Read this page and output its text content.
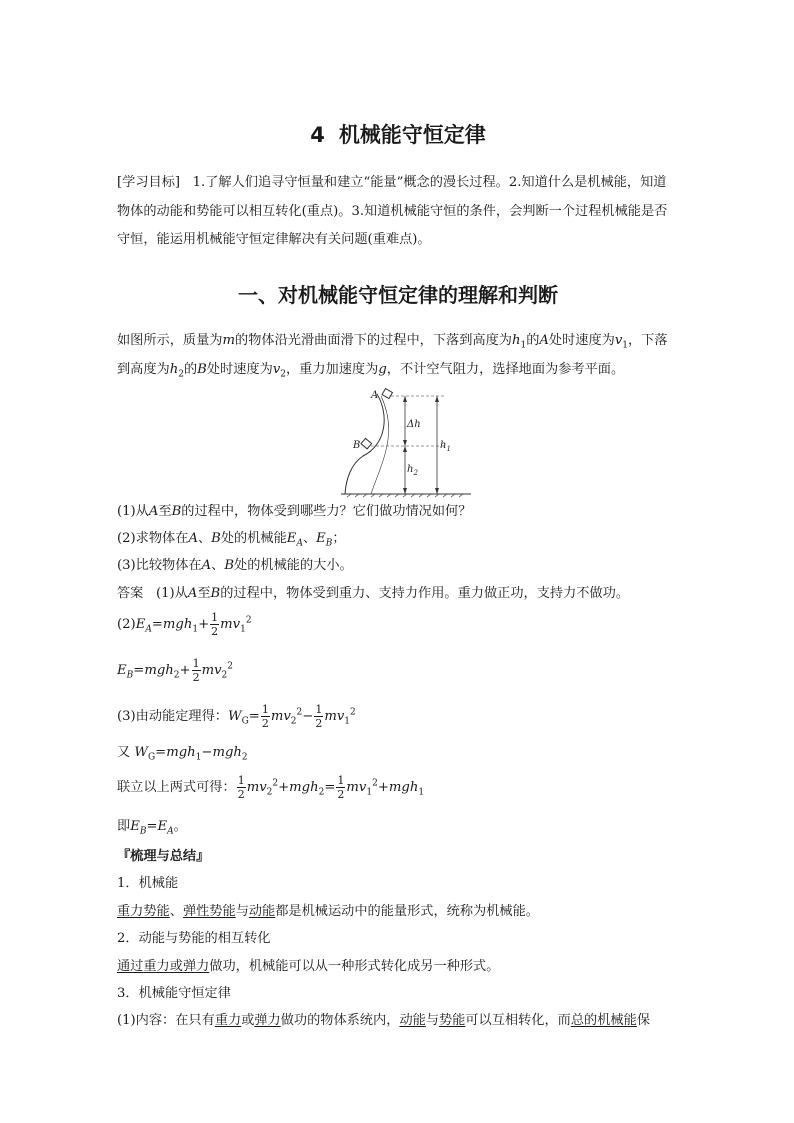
4 机械能守恒定律

[学习目标] 1.了解人们追寻守恒量和建立“能量”概念的漫长过程。2.知道什么是机械能，知道物体的动能和势能可以相互转化(重点)。3.知道机械能守恒的条件，会判断一个过程机械能是否守恒，能运用机械能守恒定律解决有关问题(重难点)。

一、对机械能守恒定律的理解和判断

如图所示，质量为m的物体沿光滑曲面滑下的过程中，下落到高度为$h_1$的A处时速度为$v_1$，下落到高度为$h_2$的B处时速度为$v_2$，重力加速度为g，不计空气阻力，选择地面为参考平面。

A
B
Δh
$h_1$
$h_2$
(1)从A至B的过程中，物体受到哪些力？它们做功情况如何？
(2)求物体在A、B处的机械能$E_A$、$E_B$；
(3)比较物体在A、B处的机械能的大小。
答案 (1)从A至B的过程中，物体受到重力、支持力作用。重力做正功，支持力不做功。
$(2)E_A=mgh_1+ \frac{1}{2} mv_1^2$
$E_B=mgh_2+ \frac{1}{2} mv_2^2$
(3)由动能定理得：$W_G= \frac{1}{2} mv_2^2- \frac{1}{2} mv_1^2$
又 $W_G=mgh_1-mgh_2$
联立以上两式可得： $\frac{1}{2} mv_2^2+mgh_2= \frac{1}{2} mv_1^2+mgh_1$
即$E_B=E_A$。
『梳理与总结』
1．机械能
重力势能、弹性势能与动能都是机械运动中的能量形式，统称为机械能。
2．动能与势能的相互转化
通过重力或弹力做功，机械能可以从一种形式转化成另一种形式。
3．机械能守恒定律
(1)内容：在只有重力或弹力做功的物体系统内，动能与势能可以互相转化，而总的机械能保
